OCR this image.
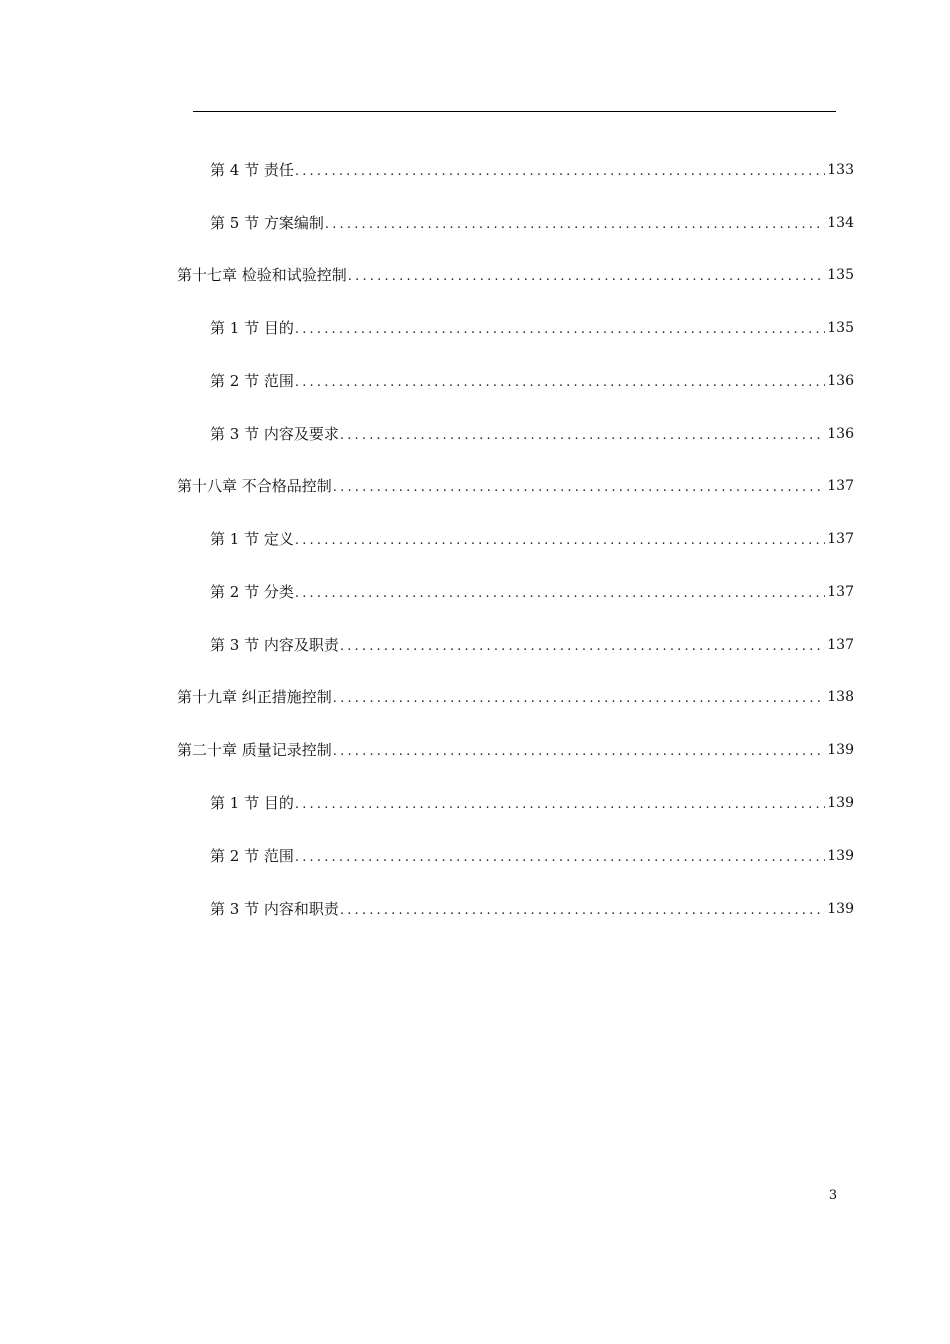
第 4 节 责任 .....	133
第 5 节 方案编制 .....	134
第十七章 检验和试验控制 .....	135
第 1 节 目的 .....	135
第 2 节 范围 .....	136
第 3 节 内容及要求 .....	136
第十八章 不合格品控制 .....	137
第 1 节 定义 .....	137
第 2 节 分类 .....	137
第 3 节 内容及职责 .....	137
第十九章 纠正措施控制 .....	138
第二十章 质量记录控制 .....	139
第 1 节 目的 .....	139
第 2 节 范围 .....	139
第 3 节 内容和职责 .....	139
3
